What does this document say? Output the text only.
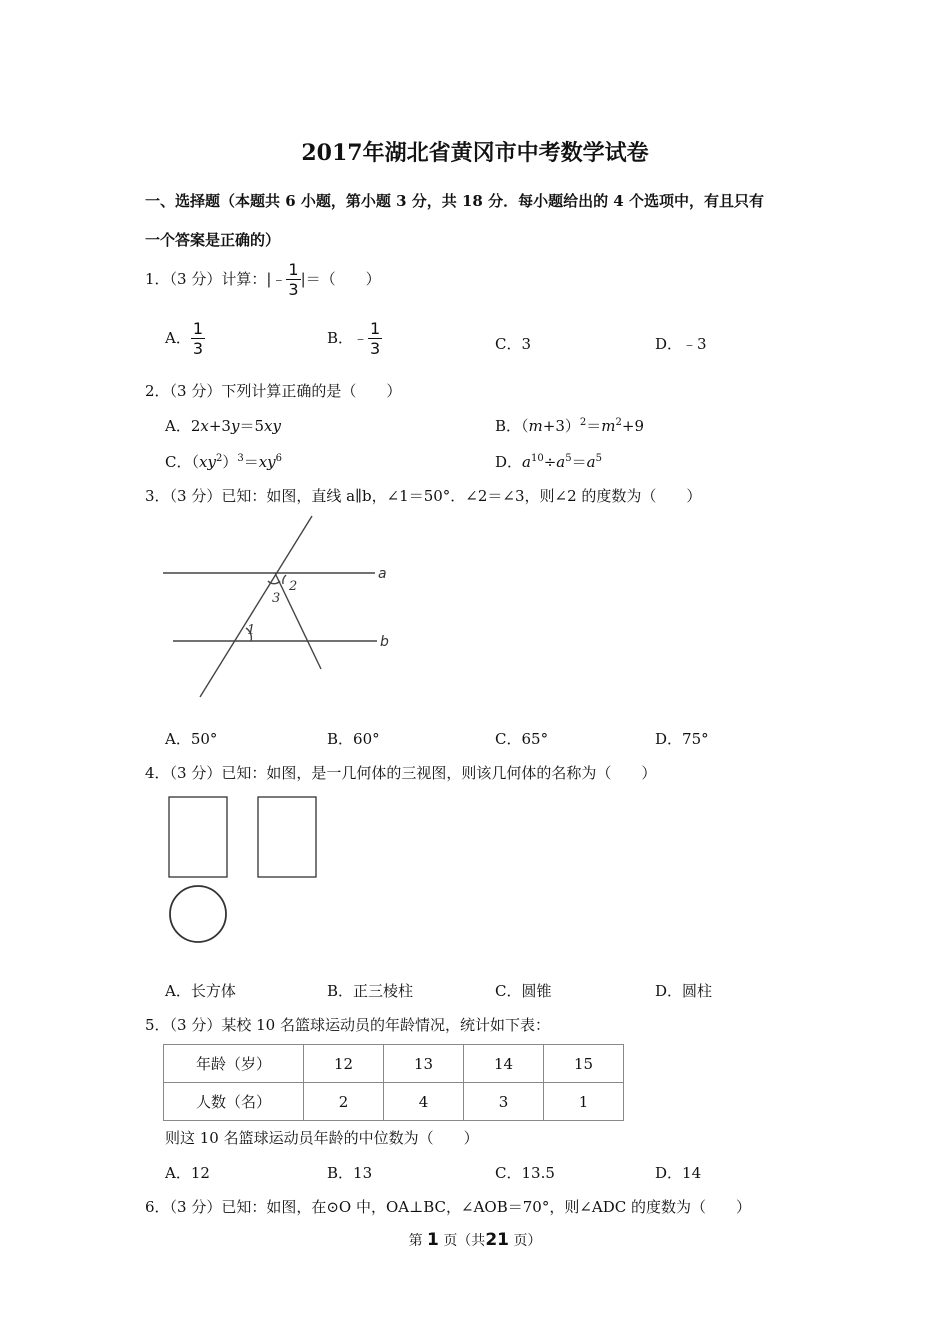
2017年湖北省黄冈市中考数学试卷
一、选择题（本题共 6 小题，第小题 3 分，共 18 分．每小题给出的 4 个选项中，有且只有
一个答案是正确的）
1．（3 分）计算：|﹣ $\frac{1}{3}$ |＝（　　）
A． $\frac{1}{3}$	B．﹣ $\frac{1}{3}$	C．3	D．﹣3
2．（3 分）下列计算正确的是（　　）
A．2x+3y＝5xy	B．$(m+3)^2=m^2+9$
C．$(xy^2)^3=xy^6$	D．$a^{10}\div a^5=a^5$
3．（3 分）已知：如图，直线 a∥b，∠1＝50°．∠2＝∠3，则∠2 的度数为（　　）
a
b
1
2
3
A．50°	B．60°	C．65°	D．75°
4．（3 分）已知：如图，是一几何体的三视图，则该几何体的名称为（　　）
A．长方体	B．正三棱柱	C．圆锥	D．圆柱
5．（3 分）某校 10 名篮球运动员的年龄情况，统计如下表：
年龄（岁）	12	13	14	15
人数（名）	2	4	3	1
则这 10 名篮球运动员年龄的中位数为（　　）
A．12	B．13	C．13.5	D．14
6．（3 分）已知：如图，在⊙O 中，OA⊥BC，∠AOB＝70°，则∠ADC 的度数为（　　）
第 1 页（共21 页）
